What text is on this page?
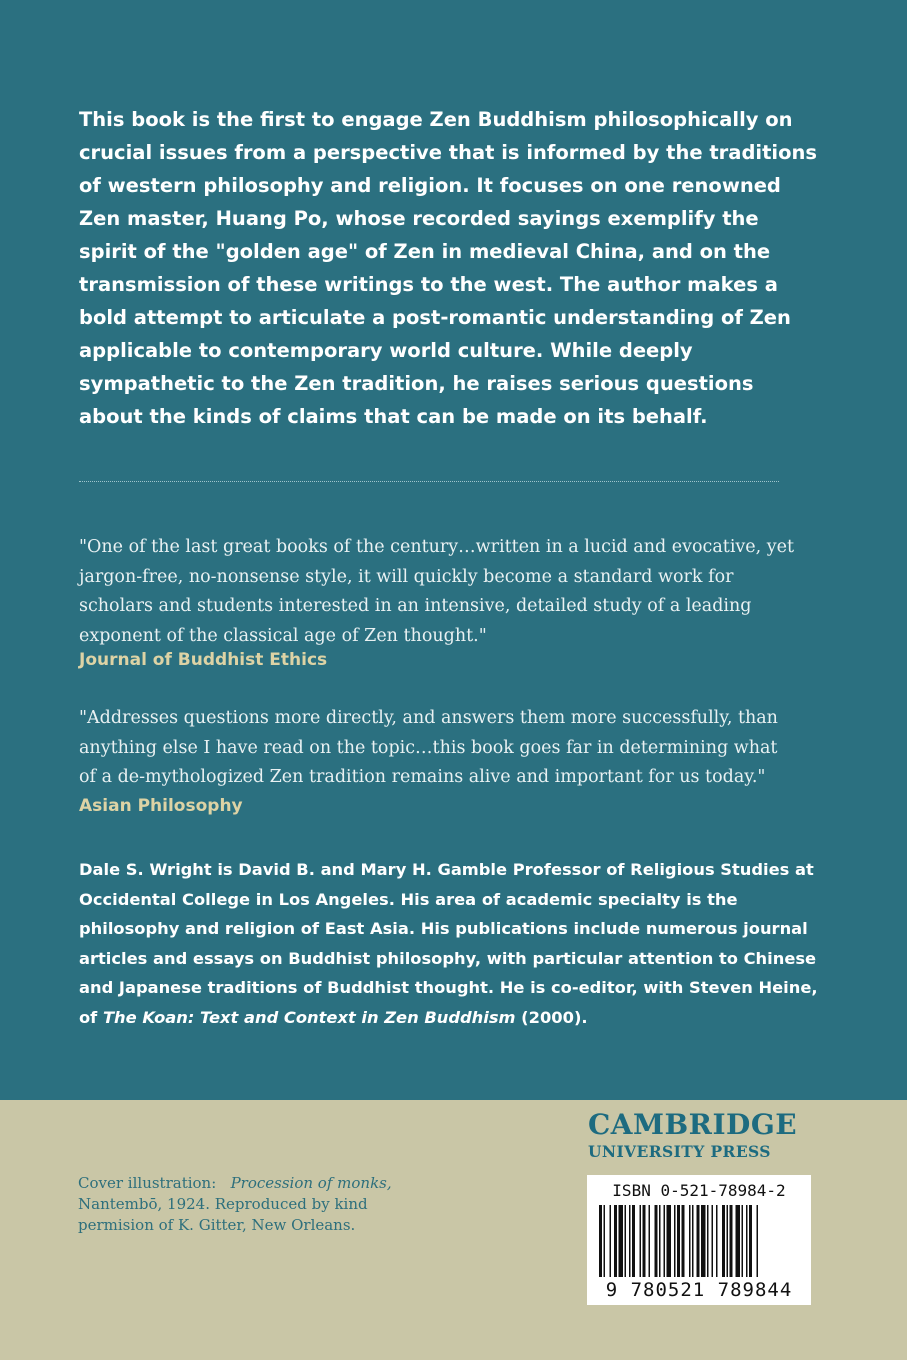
This book is the first to engage Zen Buddhism philosophically on crucial issues from a perspective that is informed by the traditions of western philosophy and religion. It focuses on one renowned Zen master, Huang Po, whose recorded sayings exemplify the spirit of the "golden age" of Zen in medieval China, and on the transmission of these writings to the west. The author makes a bold attempt to articulate a post-romantic understanding of Zen applicable to contemporary world culture. While deeply sympathetic to the Zen tradition, he raises serious questions about the kinds of claims that can be made on its behalf.

"One of the last great books of the century…written in a lucid and evocative, yet jargon-free, no-nonsense style, it will quickly become a standard work for scholars and students interested in an intensive, detailed study of a leading exponent of the classical age of Zen thought."

Journal of Buddhist Ethics

"Addresses questions more directly, and answers them more successfully, than anything else I have read on the topic…this book goes far in determining what of a de-mythologized Zen tradition remains alive and important for us today."

Asian Philosophy

Dale S. Wright is David B. and Mary H. Gamble Professor of Religious Studies at Occidental College in Los Angeles. His area of academic specialty is the philosophy and religion of East Asia. His publications include numerous journal articles and essays on Buddhist philosophy, with particular attention to Chinese and Japanese traditions of Buddhist thought. He is co-editor, with Steven Heine, of The Koan: Text and Context in Zen Buddhism (2000).

Cover illustration: Procession of monks, Nantembō, 1924. Reproduced by kind permision of K. Gitter, New Orleans.

CAMBRIDGE
UNIVERSITY PRESS

ISBN 0-521-78984-2

9 780521 789844
